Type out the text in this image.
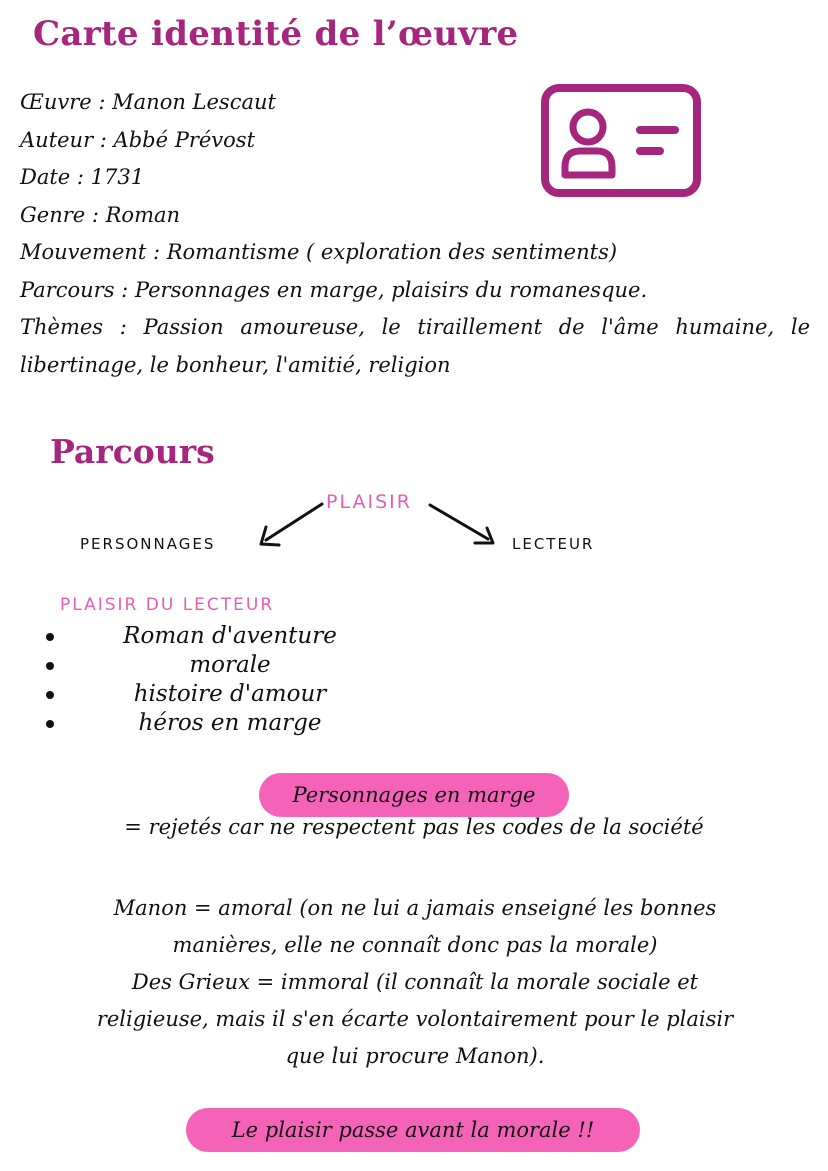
Carte identité de l’œuvre
Œuvre : Manon Lescaut
Auteur : Abbé Prévost
Date : 1731
Genre : Roman
Mouvement : Romantisme ( exploration des sentiments)
Parcours : Personnages en marge, plaisirs du romanesque.
Thèmes : Passion amoureuse, le tiraillement de l'âme humaine, le libertinage, le bonheur, l'amitié, religion
Parcours
PLAISIR
PERSONNAGES	LECTEUR
PLAISIR DU LECTEUR
Roman d'aventure
morale
histoire d'amour
héros en marge
Personnages en marge
= rejetés car ne respectent pas les codes de la société

Manon = amoral (on ne lui a jamais enseigné les bonnes
manières, elle ne connaît donc pas la morale)
Des Grieux = immoral (il connaît la morale sociale et
religieuse, mais il s'en écarte volontairement pour le plaisir
que lui procure Manon).

Le plaisir passe avant la morale !!
